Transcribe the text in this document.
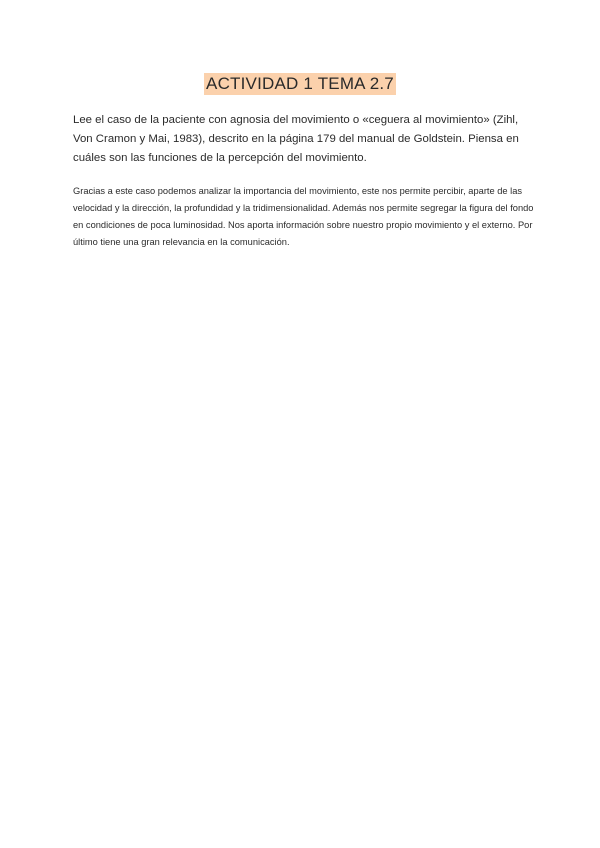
ACTIVIDAD 1 TEMA 2.7

Lee el caso de la paciente con agnosia del movimiento o «ceguera al movimiento» (Zihl, Von Cramon y Mai, 1983), descrito en la página 179 del manual de Goldstein. Piensa en cuáles son las funciones de la percepción del movimiento.

Gracias a este caso podemos analizar la importancia del movimiento, este nos permite percibir, aparte de las velocidad y la dirección, la profundidad y la tridimensionalidad. Además nos permite segregar la figura del fondo en condiciones de poca luminosidad. Nos aporta información sobre nuestro propio movimiento y el externo. Por último tiene una gran relevancia en la comunicación.
